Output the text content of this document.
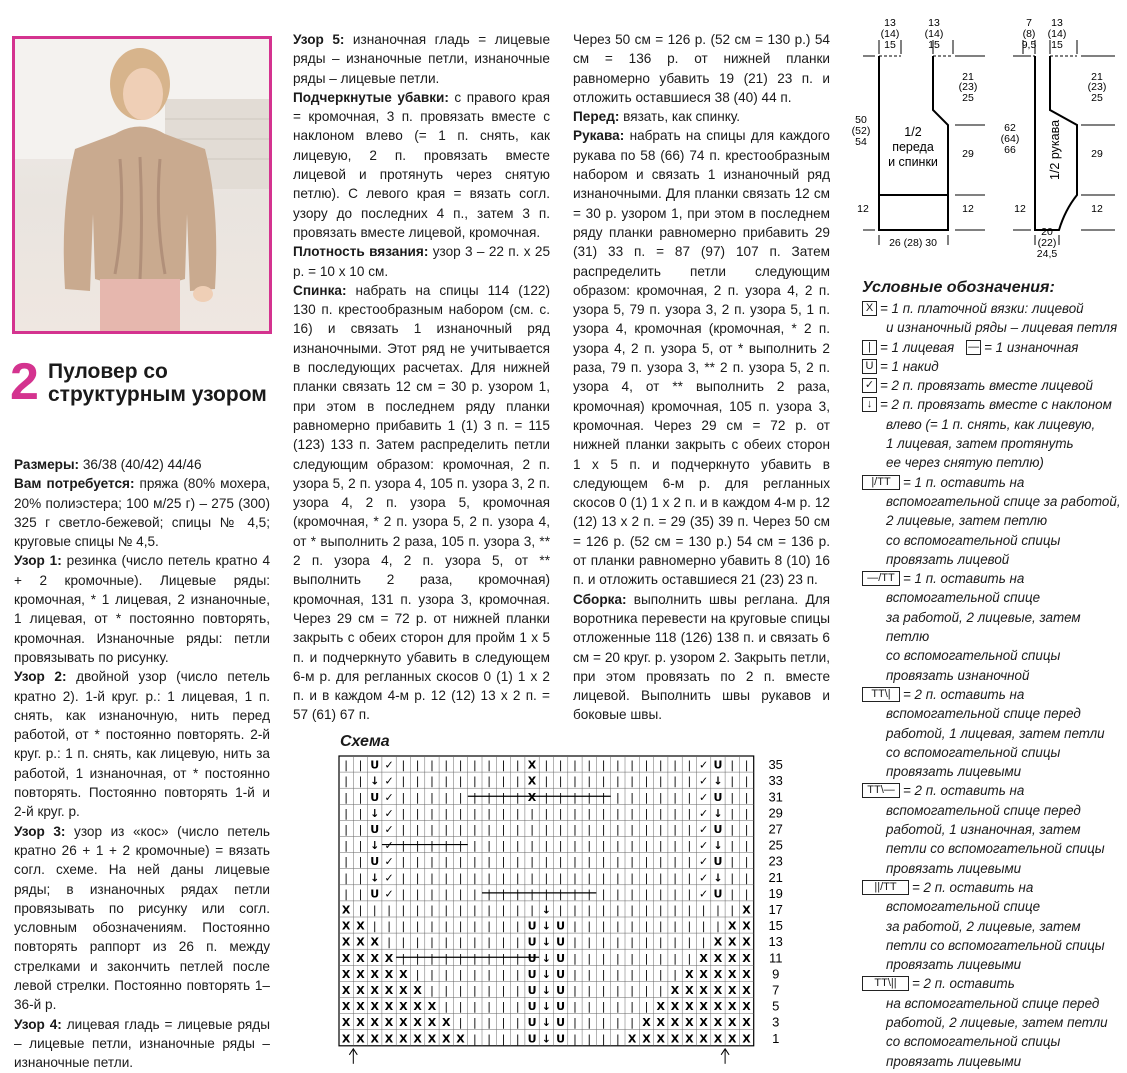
2 Пуловер со структурным узором

Размеры: 36/38 (40/42) 44/46

Вам потребуется: пряжа (80% мохера, 20% полиэстера; 100 м/25 г) – 275 (300) 325 г светло-бежевой; спицы № 4,5; круговые спицы № 4,5.

Узор 1: резинка (число петель кратно 4 + 2 кромочные). Лицевые ряды: кромочная, * 1 лицевая, 2 изнаночные, 1 лицевая, от * постоянно повторять, кромочная. Изнаночные ряды: петли провязывать по рисунку.

Узор 2: двойной узор (число петель кратно 2). 1-й круг. р.: 1 лицевая, 1 п. снять, как изнаночную, нить перед работой, от * постоянно повторять. 2-й круг. р.: 1 п. снять, как лицевую, нить за работой, 1 изнаночная, от * постоянно повторять. Постоянно повторять 1-й и 2-й круг. р.

Узор 3: узор из «кос» (число петель кратно 26 + 1 + 2 кромочные) = вязать согл. схеме. На ней даны лицевые ряды; в изнаночных рядах петли провязывать по рисунку или согл. условным обозначениям. Постоянно повторять раппорт из 26 п. между стрелками и закончить петлей после левой стрелки. Постоянно повторять 1–36-й р.

Узор 4: лицевая гладь = лицевые ряды – лицевые петли, изнаночные ряды – изнаночные петли.

Узор 5: изнаночная гладь = лицевые ряды – изнаночные петли, изнаночные ряды – лицевые петли.

Подчеркнутые убавки: с правого края = кромочная, 3 п. провязать вместе с наклоном влево (= 1 п. снять, как лицевую, 2 п. провязать вместе лицевой и протянуть через снятую петлю). С левого края = вязать согл. узору до последних 4 п., затем 3 п. провязать вместе лицевой, кромочная.

Плотность вязания: узор 3 – 22 п. х 25 р. = 10 х 10 см.

Спинка: набрать на спицы 114 (122) 130 п. крестообразным набором (см. с. 16) и связать 1 изнаночный ряд изнаночными. Этот ряд не учитывается в последующих расчетах. Для нижней планки связать 12 см = 30 р. узором 1, при этом в последнем ряду планки равномерно прибавить 1 (1) 3 п. = 115 (123) 133 п. Затем распределить петли следующим образом: кромочная, 2 п. узора 5, 2 п. узора 4, 105 п. узора 3, 2 п. узора 4, 2 п. узора 5, кромочная (кромочная, * 2 п. узора 5, 2 п. узора 4, от * выполнить 2 раза, 105 п. узора 3, ** 2 п. узора 4, 2 п. узора 5, от ** выполнить 2 раза, кромочная) кромочная, 131 п. узора 3, кромочная. Через 29 см = 72 р. от нижней планки закрыть с обеих сторон для пройм 1 х 5 п. и подчеркнуто убавить в следующем 6-м р. для регланных скосов 0 (1) 1 х 2 п. и в каждом 4-м р. 12 (12) 13 х 2 п. = 57 (61) 67 п.

Через 50 см = 126 р. (52 см = 130 р.) 54 см = 136 р. от нижней планки равномерно убавить 19 (21) 23 п. и отложить оставшиеся 38 (40) 44 п.

Перед: вязать, как спинку.

Рукава: набрать на спицы для каждого рукава по 58 (66) 74 п. крестообразным набором и связать 1 изнаночный ряд изнаночными. Для планки связать 12 см = 30 р. узором 1, при этом в последнем ряду планки равномерно прибавить 29 (31) 33 п. = 87 (97) 107 п. Затем распределить петли следующим образом: кромочная, 2 п. узора 4, 2 п. узора 5, 79 п. узора 3, 2 п. узора 5, 1 п. узора 4, кромочная (кромочная, * 2 п. узора 4, 2 п. узора 5, от * выполнить 2 раза, 79 п. узора 3, ** 2 п. узора 5, 2 п. узора 4, от ** выполнить 2 раза, кромочная) кромочная, 105 п. узора 3, кромочная. Через 29 см = 72 р. от нижней планки закрыть с обеих сторон 1 х 5 п. и подчеркнуто убавить в следующем 6-м р. для регланных скосов 0 (1) 1 х 2 п. и в каждом 4-м р. 12 (12) 13 х 2 п. = 29 (35) 39 п. Через 50 см = 126 р. (52 см = 130 р.) 54 см = 136 р. от планки равномерно убавить 8 (10) 16 п. и отложить оставшиеся 21 (23) 23 п.

Сборка: выполнить швы реглана. Для воротника перевести на круговые спицы отложенные 118 (126) 138 п. и связать 6 см = 20 круг. р. узором 2. Закрыть петли, при этом провязать по 2 п. вместе лицевой. Выполнить швы рукавов и боковые швы.

13
(14)
15
13
(14)
15
50
(52)
54
21
(23)
25
29
12
12
1/2
переда
и спинки
26 (28) 30
7
(8)
9,5
13
(14)
15
62
(64)
66
21
(23)
25
29
12
12
1/2 рукава
20
(22)
24,5
Условные обозначения:
X = 1 п. платочной вязки: лицевой
и изнаночный ряды – лицевая петля
| = 1 лицевая — = 1 изнаночная
U = 1 накид
✓ = 2 п. провязать вместе лицевой
↓ = 2 п. провязать вместе с наклоном
влево (= 1 п. снять, как лицевую,
1 лицевая, затем протянуть
ее через снятую петлю)
|/TT = 1 п. оставить на
вспомогательной спице за работой,
2 лицевые, затем петлю
со вспомогательной спицы
провязать лицевой
—/TT = 1 п. оставить на
вспомогательной спице
за работой, 2 лицевые, затем петлю
со вспомогательной спицы
провязать изнаночной
TT\| = 2 п. оставить на
вспомогательной спице перед
работой, 1 лицевая, затем петли
со вспомогательной спицы
провязать лицевыми
TT\— = 2 п. оставить на
вспомогательной спице перед
работой, 1 изнаночная, затем
петли со вспомогательной спицы
провязать лицевыми
||/TT	= 2 п. оставить на
вспомогательной спице
за работой, 2 лицевые, затем
петли со вспомогательной спицы
провязать лицевыми
TT\||	= 2 п. оставить
на вспомогательной спице перед
работой, 2 лицевые, затем петли
со вспомогательной спицы
провязать лицевыми
Схема
| | U ✓ | | | | | | | | | X | | | | | | | | | | | ✓ U | |
| | ↓ ✓ | | | | | | | | | X | | | | | | | | | | | ✓ ↓ | |
| | U ✓ | | | | | | | | | X | | | | | | | | | | | ✓ U | |
| | ↓ ✓ | | | | | | | | | | | | | | | | | | | | | ✓ ↓ | |
| | U ✓ | | | | | | | | | | | | | | | | | | | | | ✓ U | |
| | ↓ ✓ | | | | | | | | | | | | | | | | | | | | | ✓ ↓ | |
| | U ✓ | | | | | | | | | | | | | | | | | | | | | ✓ U | |
| | ↓ ✓ | | | | | | | | | | | | | | | | | | | | | ✓ ↓ | |
| | U ✓ | | | | | | | | | | | | | | | | | | | | | ✓ U | |
X | | | | | | | | | | | | | ↓ | | | | | | | | | | | | | X
X X | | | | | | | | | | | U ↓ U | | | | | | | | | | | X X
X X X | | | | | | | | | | U ↓ U | | | | | | | | | | X X X
X X X X | | | | | | | | | U ↓ U | | | | | | | | | X X X X
X X X X X | | | | | | | | U ↓ U | | | | | | | | X X X X X
X X X X X X | | | | | | | U ↓ U | | | | | | | X X X X X X
X X X X X X X | | | | | | U ↓ U | | | | | | X X X X X X X
X X X X X X X X | | | | | U ↓ U | | | | | X X X X X X X X
X X X X X X X X X | | | | U ↓ U | | | | X X X X X X X X X
35
33
31
29
27
25
23
21
19
17
15
13
11
9
7
5
3
1
